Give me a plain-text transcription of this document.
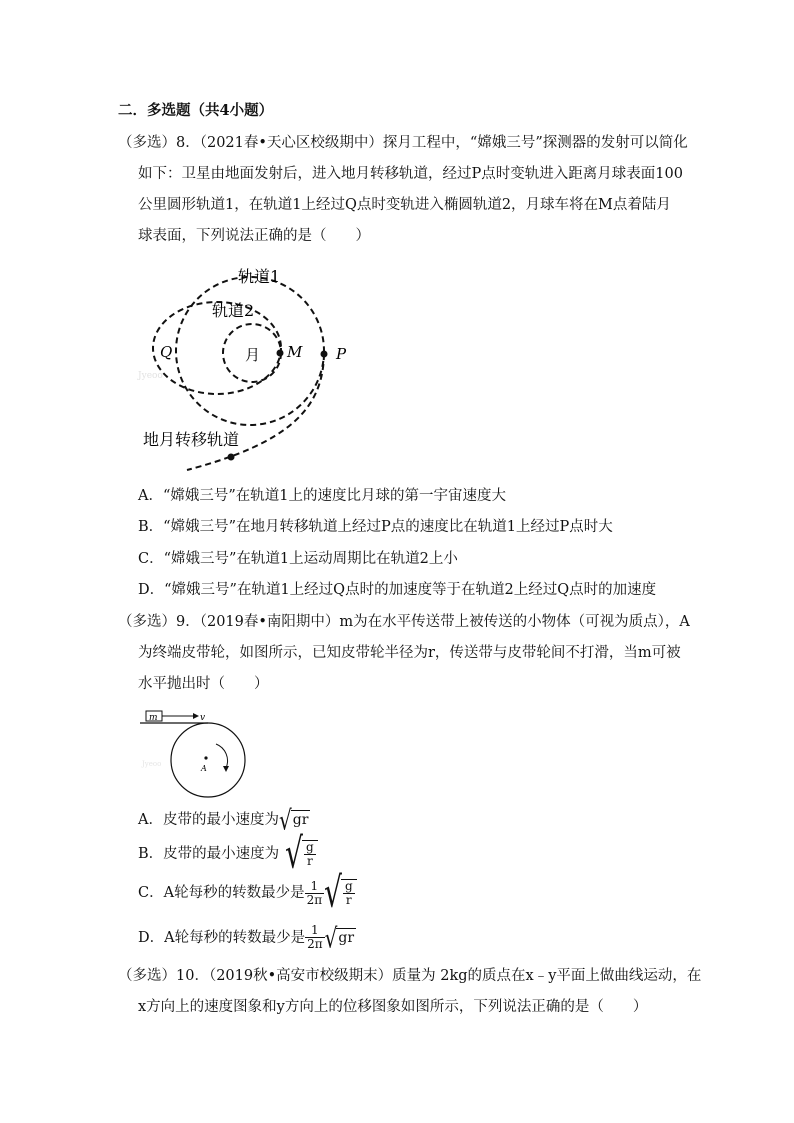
二．多选题（共4小题）
（多选）8．（2021春•天心区校级期中）探月工程中，“嫦娥三号”探测器的发射可以简化
如下：卫星由地面发射后，进入地月转移轨道，经过P点时变轨进入距离月球表面100
公里圆形轨道1，在轨道1上经过Q点时变轨进入椭圆轨道2，月球车将在M点着陆月
球表面，下列说法正确的是（　　）
轨道1
轨道2
月
Q	M P
Jyeoo
地月转移轨道
A．“嫦娥三号”在轨道1上的速度比月球的第一宇宙速度大
B．“嫦娥三号”在地月转移轨道上经过P点的速度比在轨道1上经过P点时大
C．“嫦娥三号”在轨道1上运动周期比在轨道2上小
D．“嫦娥三号”在轨道1上经过Q点时的加速度等于在轨道2上经过Q点时的加速度
（多选）9．（2019春•南阳期中）m为在水平传送带上被传送的小物体（可视为质点），A
为终端皮带轮，如图所示，已知皮带轮半径为r，传送带与皮带轮间不打滑，当m可被
水平抛出时（　　）
m	v
A
Jyeoo
A．皮带的最小速度为 √ gr
B．皮带的最小速度为 √ $\frac{g}{r}$
C．A轮每秒的转数最少是 $\frac{1}{2\pi}$ √ $\frac{g}{r}$
D．A轮每秒的转数最少是 $\frac{1}{2\pi}$ √ gr
（多选）10．（2019秋•高安市校级期末）质量为 2kg的质点在x﹣y平面上做曲线运动，在
x方向上的速度图象和y方向上的位移图象如图所示，下列说法正确的是（　　）
